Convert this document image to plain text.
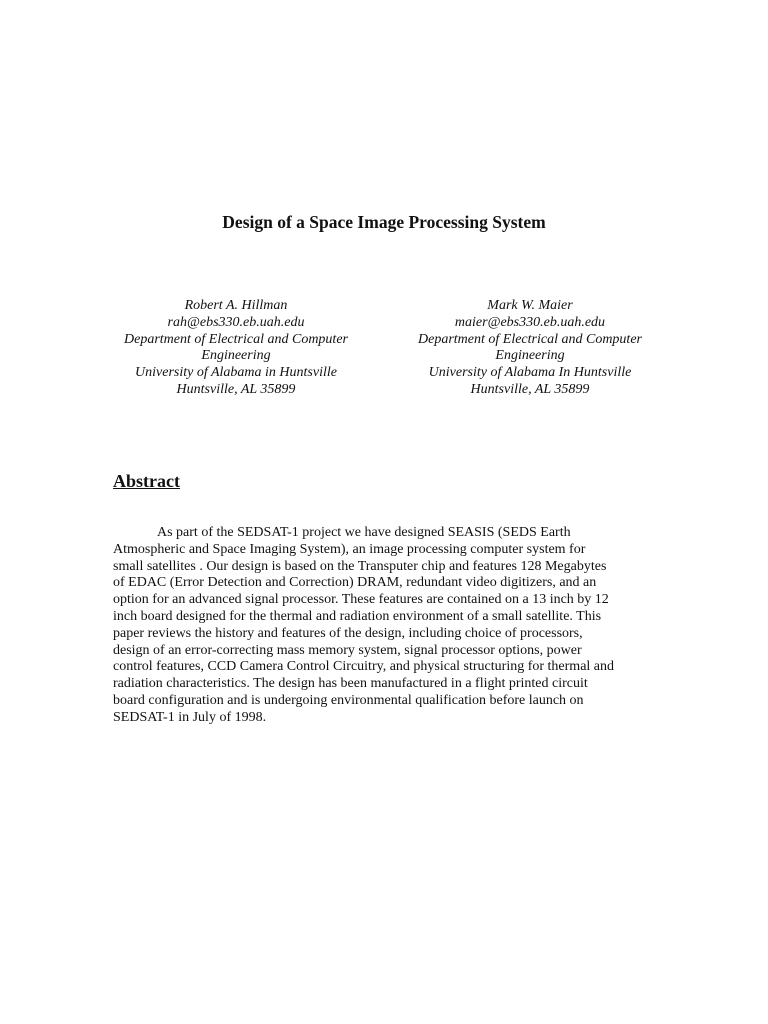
Design of a Space Image Processing System
Robert A. Hillman
rah@ebs330.eb.uah.edu
Department of Electrical and Computer
Engineering
University of Alabama in Huntsville
Huntsville, AL 35899
Mark W. Maier
maier@ebs330.eb.uah.edu
Department of Electrical and Computer
Engineering
University of Alabama In Huntsville
Huntsville, AL 35899
Abstract

As part of the SEDSAT-1 project we have designed SEASIS (SEDS Earth
Atmospheric and Space Imaging System), an image processing computer system for
small satellites . Our design is based on the Transputer chip and features 128 Megabytes
of EDAC (Error Detection and Correction) DRAM, redundant video digitizers, and an
option for an advanced signal processor. These features are contained on a 13 inch by 12
inch board designed for the thermal and radiation environment of a small satellite. This
paper reviews the history and features of the design, including choice of processors,
design of an error-correcting mass memory system, signal processor options, power
control features, CCD Camera Control Circuitry, and physical structuring for thermal and
radiation characteristics. The design has been manufactured in a flight printed circuit
board configuration and is undergoing environmental qualification before launch on
SEDSAT-1 in July of 1998.
